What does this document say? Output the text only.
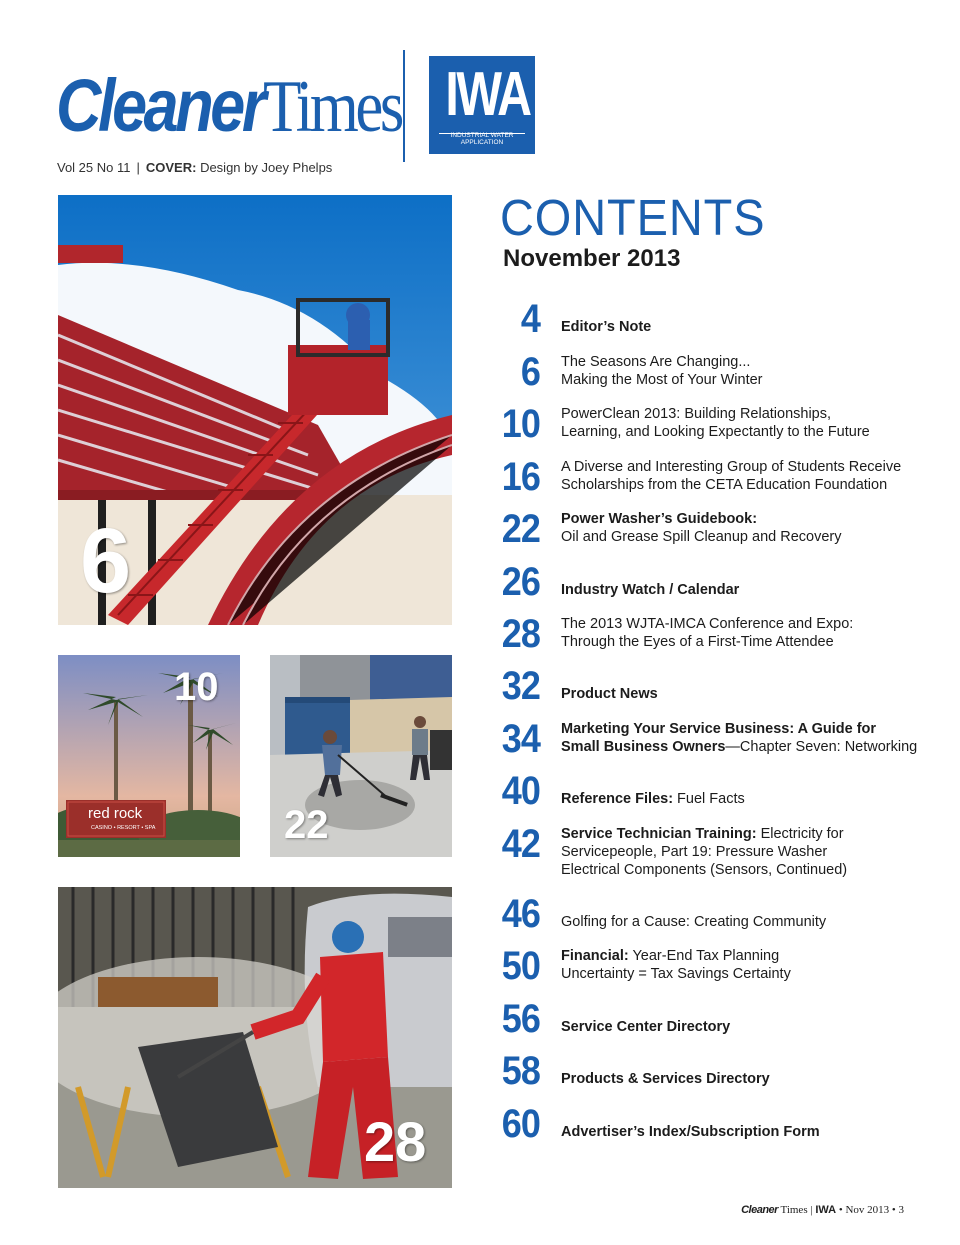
CleanerTimes IWA
INDUSTRIAL WATER APPLICATION
Vol 25 No 11 | COVER: Design by Joey Phelps
6
red rock
CASINO • RESORT • SPA
10
22
28
CONTENTS
November 2013
4 Editor’s Note
6 The Seasons Are Changing...
Making the Most of Your Winter
10 PowerClean 2013: Building Relationships,
Learning, and Looking Expectantly to the Future
16 A Diverse and Interesting Group of Students Receive
Scholarships from the CETA Education Foundation
22 Power Washer’s Guidebook:
Oil and Grease Spill Cleanup and Recovery
26 Industry Watch / Calendar
28 The 2013 WJTA-IMCA Conference and Expo:
Through the Eyes of a First-Time Attendee
32 Product News
34 Marketing Your Service Business: A Guide for
Small Business Owners—Chapter Seven: Networking
40 Reference Files: Fuel Facts
42 Service Technician Training: Electricity for
Servicepeople, Part 19: Pressure Washer
Electrical Components (Sensors, Continued)
46 Golfing for a Cause: Creating Community
50 Financial: Year-End Tax Planning
Uncertainty = Tax Savings Certainty
56 Service Center Directory
58 Products & Services Directory
60 Advertiser’s Index/Subscription Form
Cleaner Times | IWA • Nov 2013 • 3
